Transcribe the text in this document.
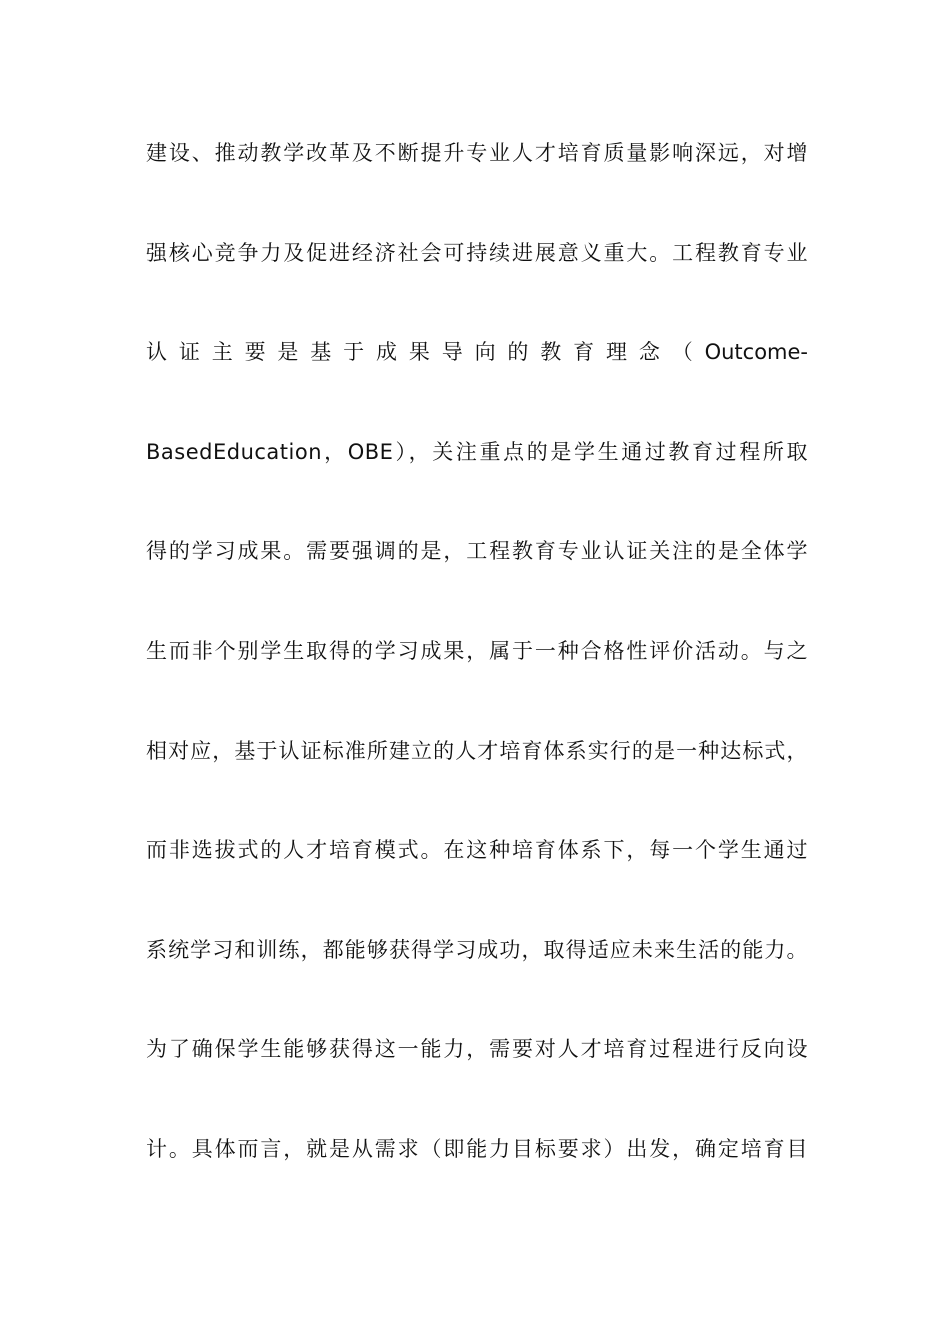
建设、推动教学改革及不断提升专业人才培育质量影响深远，对增
强核心竞争力及促进经济社会可持续进展意义重大。工程教育专业
认 证 主 要 是 基 于 成 果 导 向 的 教 育 理 念 （ Outcome-
BasedEducation，OBE），关注重点的是学生通过教育过程所取
得的学习成果。需要强调的是，工程教育专业认证关注的是全体学
生而非个别学生取得的学习成果，属于一种合格性评价活动。与之
相对应，基于认证标准所建立的人才培育体系实行的是一种达标式，
而非选拔式的人才培育模式。在这种培育体系下，每一个学生通过
系统学习和训练，都能够获得学习成功，取得适应未来生活的能力。
为了确保学生能够获得这一能力，需要对人才培育过程进行反向设
计。具体而言，就是从需求（即能力目标要求）出发，确定培育目
